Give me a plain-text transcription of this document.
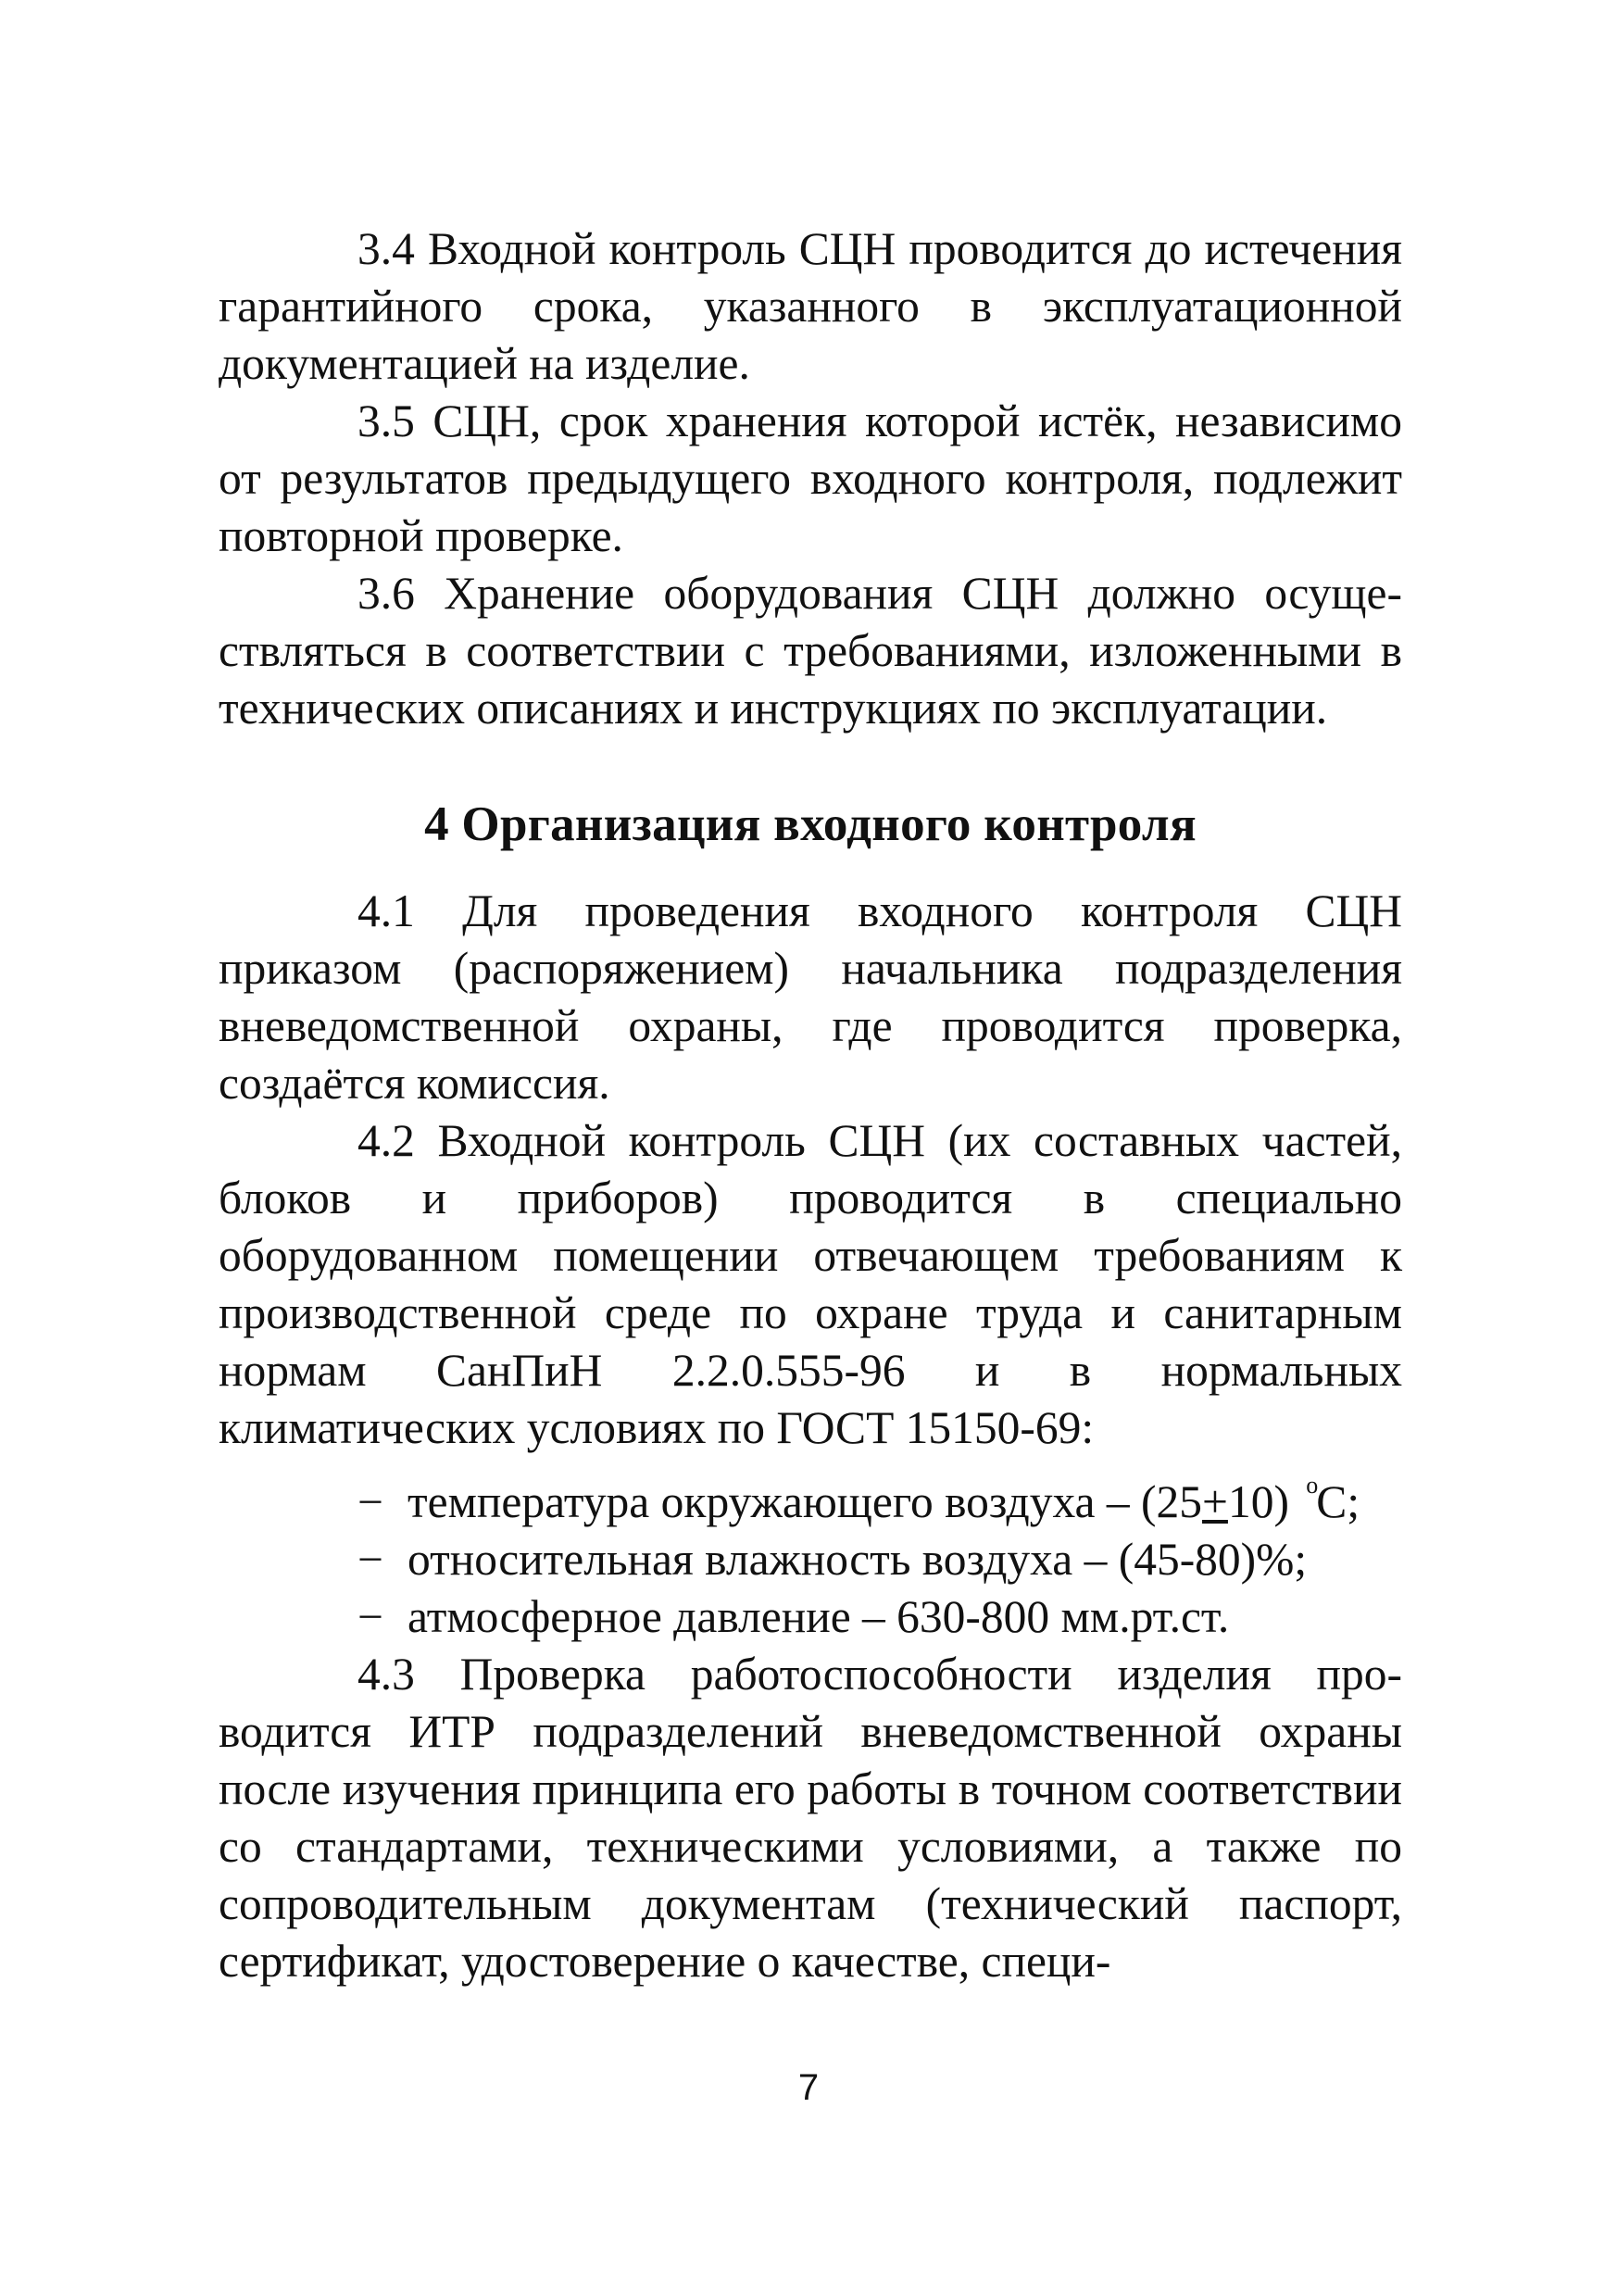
3.4 Входной контроль СЦН проводится до истечения гарантийного срока, указанного в эксплуатационной документацией на изделие.

3.5 СЦН, срок хранения которой истёк, независимо от результатов предыдущего входного контроля, подлежит повторной проверке.

3.6 Хранение оборудования СЦН должно осуществляться в соответствии с требованиями, изложенными в технических описаниях и инструкциях по эксплуатации.

4 Организация входного контроля

4.1 Для проведения входного контроля СЦН приказом (распоряжением) начальника подразделения вневедомственной охраны, где проводится проверка, создаётся комиссия.

4.2 Входной контроль СЦН (их составных частей, блоков и приборов) проводится в специально оборудованном помещении отвечающем требованиям к производственной среде по охране труда и санитарным нормам СанПиН 2.2.0.555-96 и в нормальных климатических условиях по ГОСТ 15150-69:

− температура окружающего воздуха – (25+10) $^о$С;
− относительная влажность воздуха – (45-80)%;
− атмосферное давление – 630-800 мм.рт.ст.

4.3 Проверка работоспособности изделия проводится ИТР подразделений вневедомственной охраны после изучения принципа его работы в точном соответствии со стандартами, техническими условиями, а также по сопроводительным документам (технический паспорт, сертификат, удостоверение о качестве, специ-

7
